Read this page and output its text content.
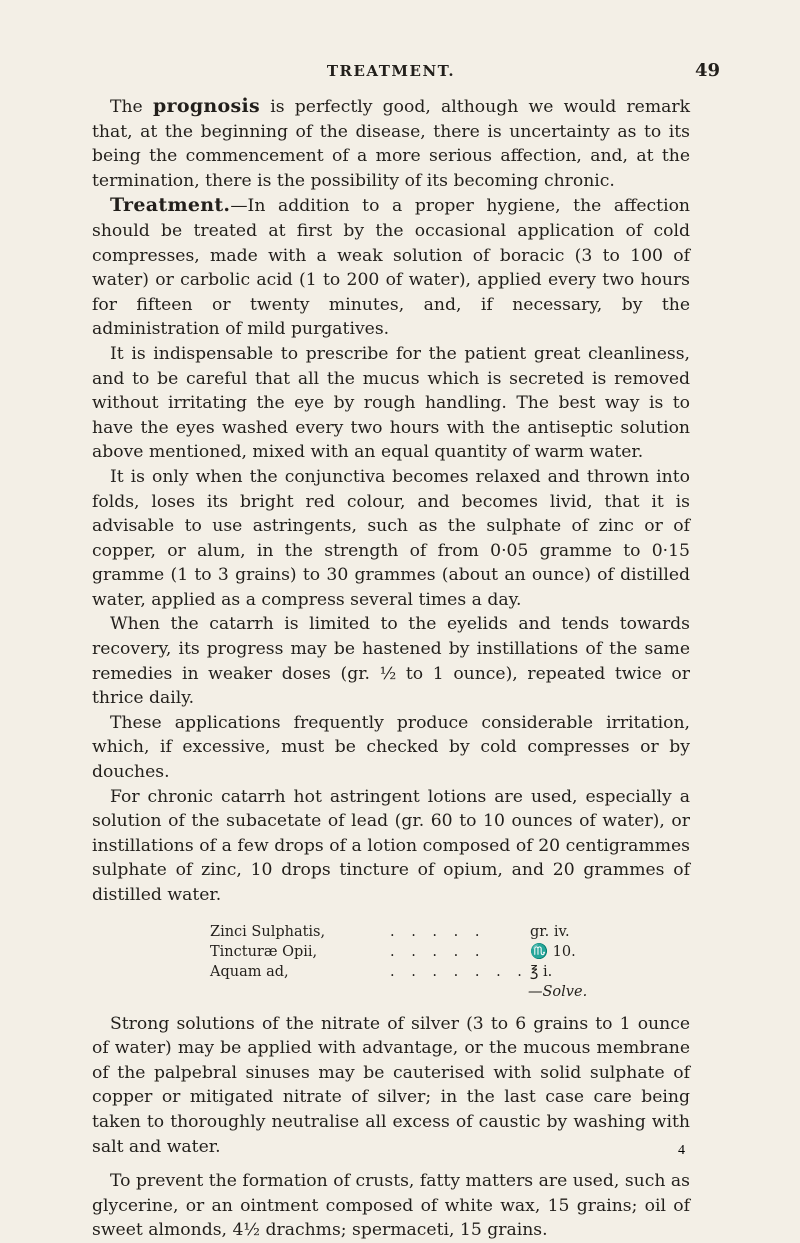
TREATMENT.	49

The prognosis is perfectly good, although we would remark that, at the beginning of the disease, there is uncertainty as to its being the commencement of a more serious affection, and, at the termination, there is the possibility of its becoming chronic.

Treatment.—In addition to a proper hygiene, the affection should be treated at first by the occasional application of cold compresses, made with a weak solution of boracic (3 to 100 of water) or carbolic acid (1 to 200 of water), applied every two hours for fifteen or twenty minutes, and, if necessary, by the administration of mild purgatives.

It is indispensable to prescribe for the patient great cleanliness, and to be careful that all the mucus which is secreted is removed without irritating the eye by rough handling. The best way is to have the eyes washed every two hours with the antiseptic solution above mentioned, mixed with an equal quantity of warm water.

It is only when the conjunctiva becomes relaxed and thrown into folds, loses its bright red colour, and becomes livid, that it is advisable to use astringents, such as the sulphate of zinc or of copper, or alum, in the strength of from 0·05 gramme to 0·15 gramme (1 to 3 grains) to 30 grammes (about an ounce) of distilled water, applied as a compress several times a day.

When the catarrh is limited to the eyelids and tends towards recovery, its progress may be hastened by instillations of the same remedies in weaker doses (gr. ½ to 1 ounce), repeated twice or thrice daily.

These applications frequently produce considerable irritation, which, if excessive, must be checked by cold compresses or by douches.

For chronic catarrh hot astringent lotions are used, especially a solution of the subacetate of lead (gr. 60 to 10 ounces of water), or instillations of a few drops of a lotion composed of 20 centigrammes sulphate of zinc, 10 drops tincture of opium, and 20 grammes of distilled water.

Zinci Sulphatis,	. . . . .	gr. iv.
Tincturæ Opii,	. . . . .	♏ 10.
Aquam ad,	. . . . . . . ℥ i.
—Solve.

Strong solutions of the nitrate of silver (3 to 6 grains to 1 ounce of water) may be applied with advantage, or the mucous membrane of the palpebral sinuses may be cauterised with solid sulphate of copper or mitigated nitrate of silver; in the last case care being taken to thoroughly neutralise all excess of caustic by washing with salt and water.

To prevent the formation of crusts, fatty matters are used, such as glycerine, or an ointment composed of white wax, 15 grains; oil of sweet almonds, 4½ drachms; spermaceti, 15 grains.

4
